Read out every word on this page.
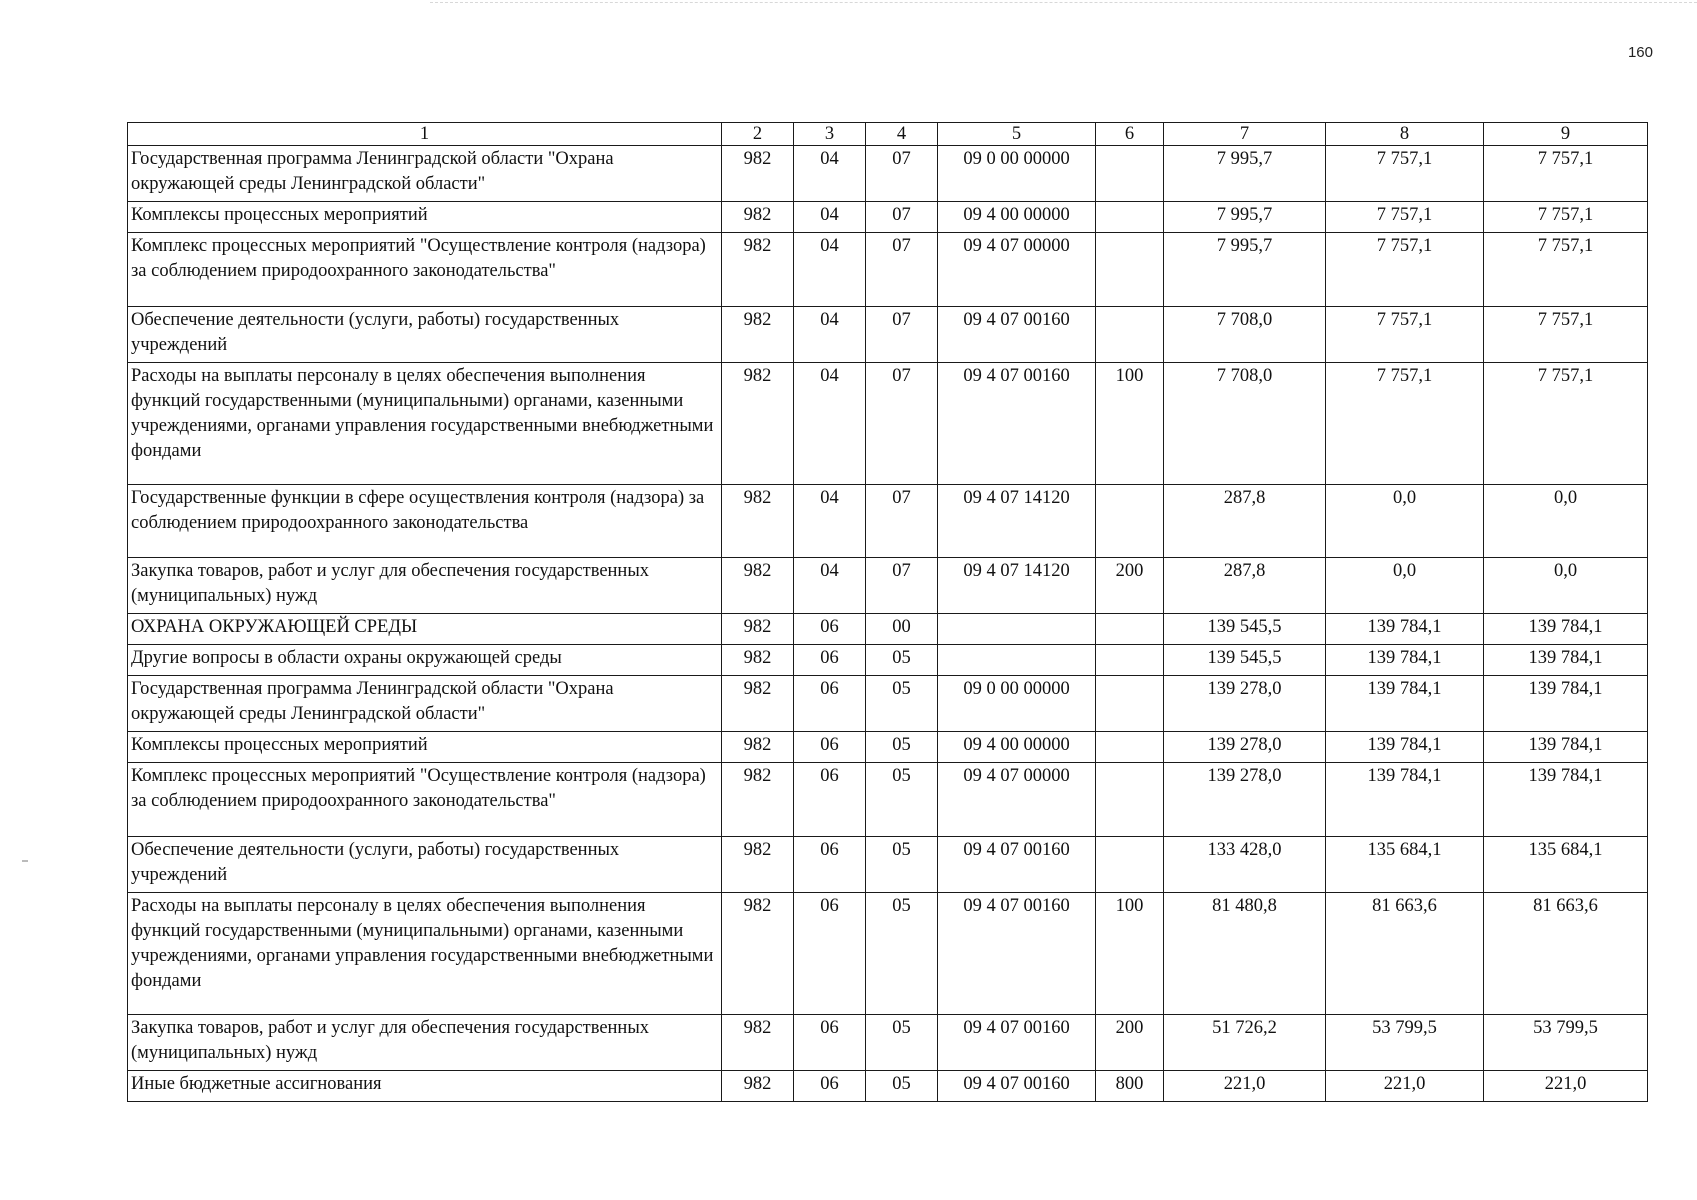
160
1	2	3	4	5	6	7	8	9
Государственная программа Ленинградской области "Охрана окружающей среды Ленинградской области"	982	04	07	09 0 00 00000		7 995,7	7 757,1	7 757,1
Комплексы процессных мероприятий	982	04	07	09 4 00 00000		7 995,7	7 757,1	7 757,1
Комплекс процессных мероприятий "Осуществление контроля (надзора) за соблюдением природоохранного законодательства"	982	04	07	09 4 07 00000		7 995,7	7 757,1	7 757,1
Обеспечение деятельности (услуги, работы) государственных учреждений	982	04	07	09 4 07 00160		7 708,0	7 757,1	7 757,1
Расходы на выплаты персоналу в целях обеспечения выполнения функций государственными (муниципальными) органами, казенными учреждениями, органами управления государственными внебюджетными фондами	982	04	07	09 4 07 00160	100	7 708,0	7 757,1	7 757,1
Государственные функции в сфере осуществления контроля (надзора) за соблюдением природоохранного законодательства	982	04	07	09 4 07 14120		287,8	0,0	0,0
Закупка товаров, работ и услуг для обеспечения государственных (муниципальных) нужд	982	04	07	09 4 07 14120	200	287,8	0,0	0,0
ОХРАНА ОКРУЖАЮЩЕЙ СРЕДЫ	982	06	00			139 545,5	139 784,1	139 784,1
Другие вопросы в области охраны окружающей среды	982	06	05			139 545,5	139 784,1	139 784,1
Государственная программа Ленинградской области "Охрана окружающей среды Ленинградской области"	982	06	05	09 0 00 00000		139 278,0	139 784,1	139 784,1
Комплексы процессных мероприятий	982	06	05	09 4 00 00000		139 278,0	139 784,1	139 784,1
Комплекс процессных мероприятий "Осуществление контроля (надзора) за соблюдением природоохранного законодательства"	982	06	05	09 4 07 00000		139 278,0	139 784,1	139 784,1
Обеспечение деятельности (услуги, работы) государственных учреждений	982	06	05	09 4 07 00160		133 428,0	135 684,1	135 684,1
Расходы на выплаты персоналу в целях обеспечения выполнения функций государственными (муниципальными) органами, казенными учреждениями, органами управления государственными внебюджетными фондами	982	06	05	09 4 07 00160	100	81 480,8	81 663,6	81 663,6
Закупка товаров, работ и услуг для обеспечения государственных (муниципальных) нужд	982	06	05	09 4 07 00160	200	51 726,2	53 799,5	53 799,5
Иные бюджетные ассигнования	982	06	05	09 4 07 00160	800	221,0	221,0	221,0
